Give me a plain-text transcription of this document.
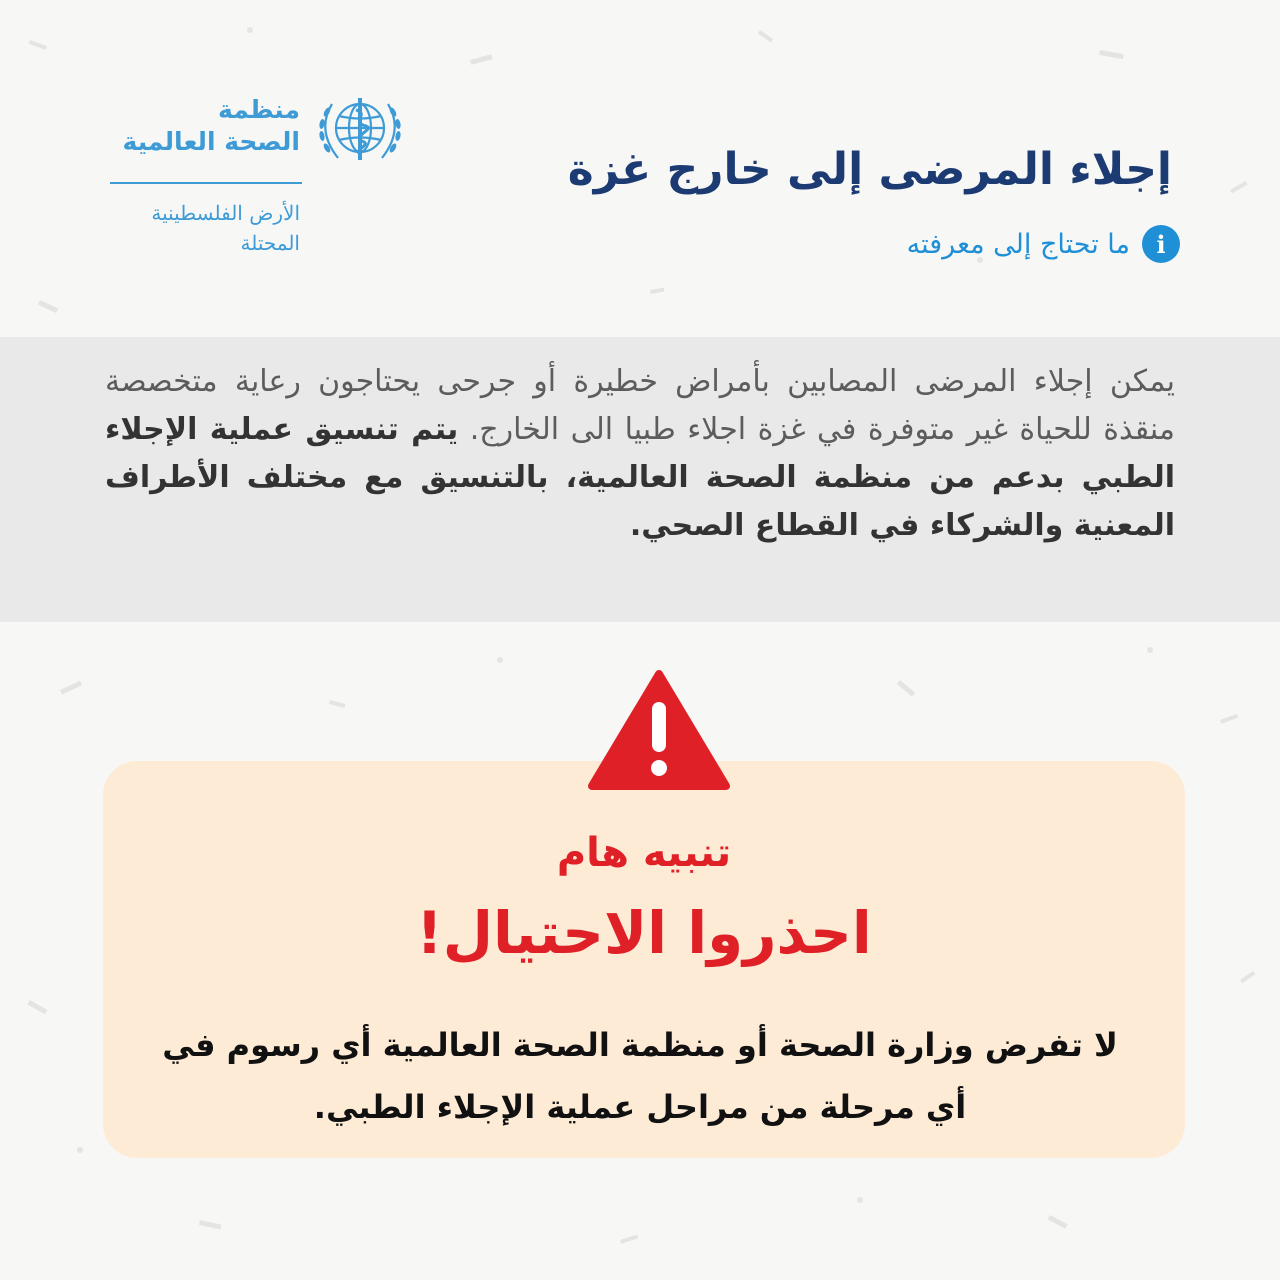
منظمة
الصحة العالمية
الأرض الفلسطينية المحتلة
إجلاء المرضى إلى خارج غزة
i
ما تحتاج إلى معرفته

يمكن إجلاء المرضى المصابين بأمراض خطيرة أو جرحى يحتاجون رعاية متخصصة منقذة للحياة غير متوفرة في غزة اجلاء طبيا الى الخارج. يتم تنسيق عملية الإجلاء الطبي بدعم من منظمة الصحة العالمية، بالتنسيق مع مختلف الأطراف المعنية والشركاء في القطاع الصحي.

تنبيه هام
احذروا الاحتيال!

لا تفرض وزارة الصحة أو منظمة الصحة العالمية أي رسوم في أي مرحلة من مراحل عملية الإجلاء الطبي.
